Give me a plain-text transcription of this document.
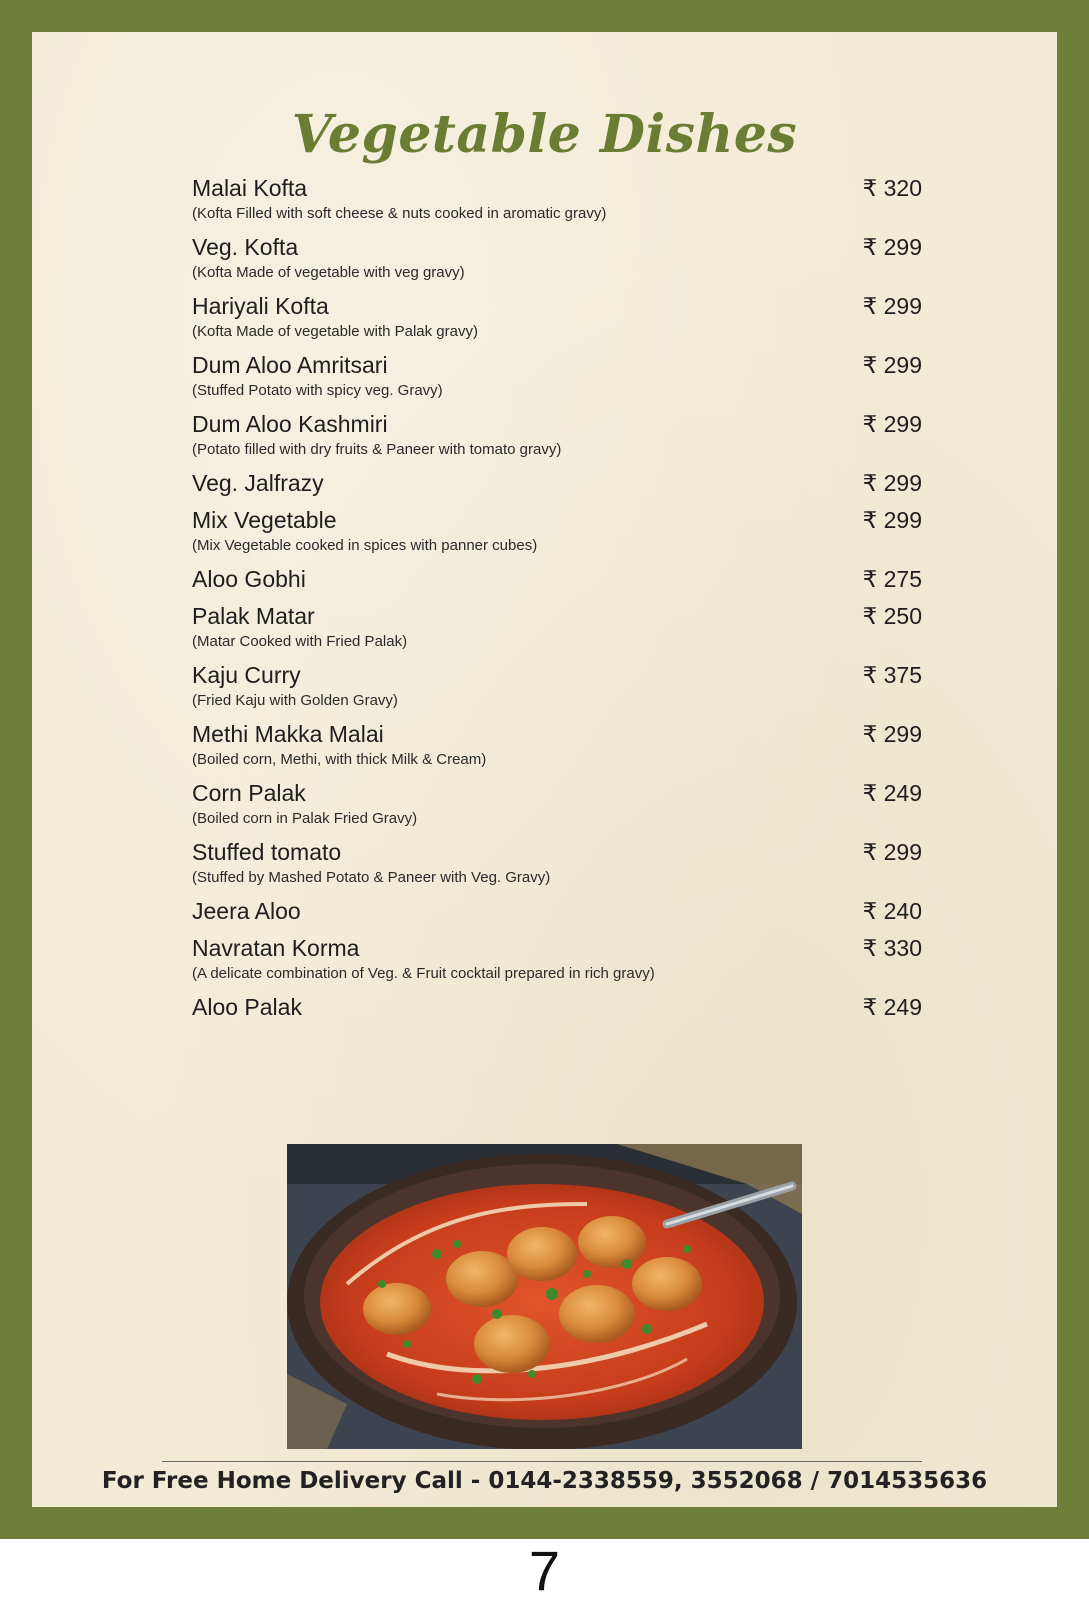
Vegetable Dishes
Malai Kofta	₹ 320
(Kofta Filled with soft cheese & nuts cooked in aromatic gravy)
Veg. Kofta	₹ 299
(Kofta Made of vegetable with veg gravy)
Hariyali Kofta	₹ 299
(Kofta Made of vegetable with Palak gravy)
Dum Aloo Amritsari	₹ 299
(Stuffed Potato with spicy veg. Gravy)
Dum Aloo Kashmiri	₹ 299
(Potato filled with dry fruits & Paneer with tomato gravy)
Veg. Jalfrazy	₹ 299
Mix Vegetable	₹ 299
(Mix Vegetable cooked in spices with panner cubes)
Aloo Gobhi	₹ 275
Palak Matar	₹ 250
(Matar Cooked with Fried Palak)
Kaju Curry	₹ 375
(Fried Kaju with Golden Gravy)
Methi Makka Malai	₹ 299
(Boiled corn, Methi, with thick Milk & Cream)
Corn Palak	₹ 249
(Boiled corn in Palak Fried Gravy)
Stuffed tomato	₹ 299
(Stuffed by Mashed Potato & Paneer with Veg. Gravy)
Jeera Aloo	₹ 240
Navratan Korma	₹ 330
(A delicate combination of Veg. & Fruit cocktail prepared in rich gravy)
Aloo Palak	₹ 249
For Free Home Delivery Call - 0144-2338559, 3552068 / 7014535636
7
